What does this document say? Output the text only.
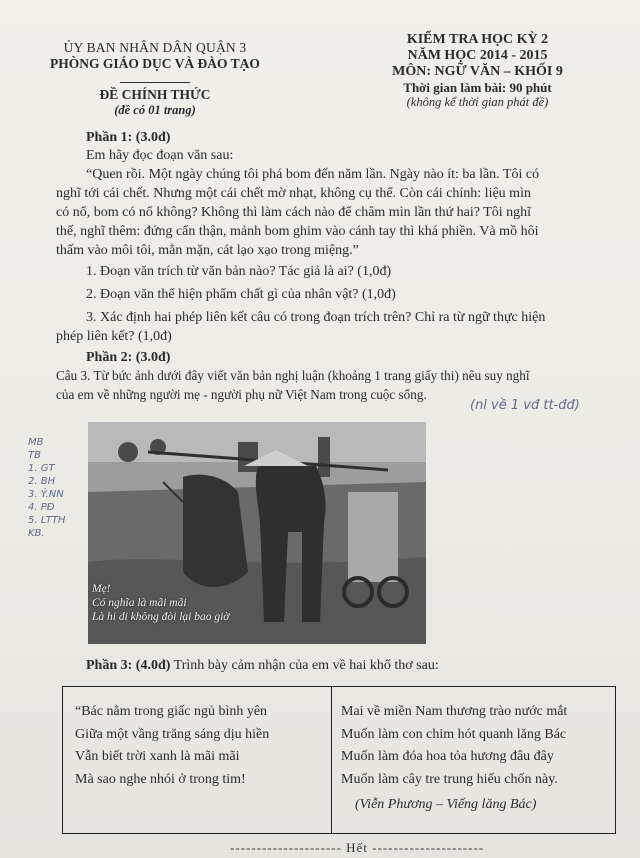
ỦY BAN NHÂN DÂN QUẬN 3
PHÒNG GIÁO DỤC VÀ ĐÀO TẠO
ĐỀ CHÍNH THỨC
(đề có 01 trang)
KIỂM TRA HỌC KỲ 2
NĂM HỌC 2014 - 2015
MÔN: NGỮ VĂN – KHỐI 9
Thời gian làm bài: 90 phút
(không kể thời gian phát đề)
Phần 1: (3.0đ)
Em hãy đọc đoạn văn sau:
“Quen rồi. Một ngày chúng tôi phá bom đến năm lần. Ngày nào ít: ba lần. Tôi có
nghĩ tới cái chết. Nhưng một cái chết mờ nhạt, không cụ thể. Còn cái chính: liệu mìn
có nổ, bom có nổ không? Không thì làm cách nào để châm mìn lần thứ hai? Tôi nghĩ
thế, nghĩ thêm: đứng cẩn thận, mảnh bom ghim vào cánh tay thì khá phiền. Và mồ hôi
thấm vào môi tôi, mằn mặn, cát lạo xạo trong miệng.”
1. Đoạn văn trích từ văn bản nào? Tác giả là ai? (1,0đ)
2. Đoạn văn thể hiện phẩm chất gì của nhân vật? (1,0đ)
3. Xác định hai phép liên kết câu có trong đoạn trích trên? Chỉ ra từ ngữ thực hiện
phép liên kết? (1,0đ)
Phần 2: (3.0đ)
Câu 3. Từ bức ảnh dưới đây viết văn bản nghị luận (khoảng 1 trang giấy thi) nêu suy nghĩ
của em về những người mẹ - người phụ nữ Việt Nam trong cuộc sống.
(nl về 1 vđ tt-đđ)
MB
TB
1. GT
2. BH
3. Ý.NN
4. PĐ
5. LTTH
KB.
Mẹ!
Có nghĩa là mãi mãi
Là hi di không đòi lại bao giờ
Phần 3: (4.0đ) Trình bày cảm nhận của em về hai khổ thơ sau:
“Bác nằm trong giấc ngủ bình yên
Giữa một vầng trăng sáng dịu hiền
Vẫn biết trời xanh là mãi mãi
Mà sao nghe nhói ở trong tim!
Mai về miền Nam thương trào nước mắt
Muốn làm con chim hót quanh lăng Bác
Muốn làm đóa hoa tỏa hương đâu đây
Muốn làm cây tre trung hiếu chốn này.
(Viễn Phương – Viếng lăng Bác)
--------------------- Hết ---------------------
